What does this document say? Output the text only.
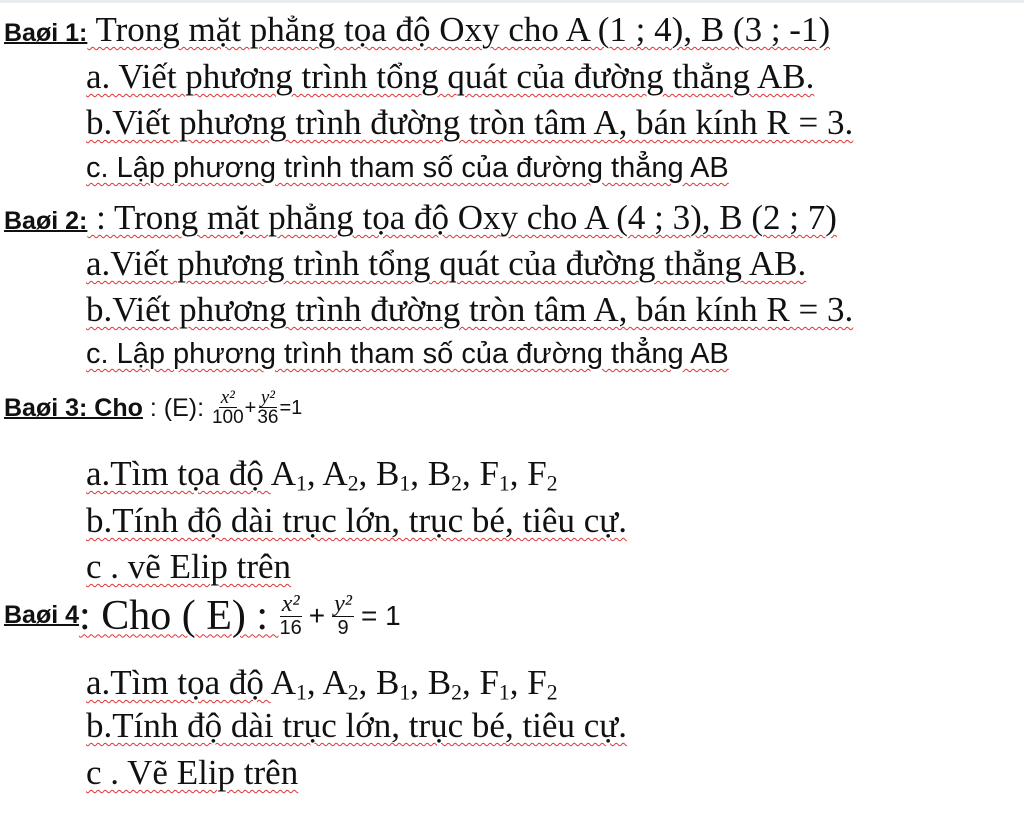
Baøi 1: Trong mặt phẳng tọa độ Oxy cho A (1 ; 4), B (3 ; -1)
a. Viết phương trình tổng quát của đường thẳng AB.
b.Viết phương trình đường tròn tâm A, bán kính R = 3.
c. Lập phương trình tham số của đường thẳng AB
Baøi 2: : Trong mặt phẳng tọa độ Oxy cho A (4 ; 3), B (2 ; 7)
a.Viết phương trình tổng quát của đường thẳng AB.
b.Viết phương trình đường tròn tâm A, bán kính R = 3.
c. Lập phương trình tham số của đường thẳng AB
Baøi 3: Cho : (E): $\frac{\text{x²}}{100} + \frac{\text{y²}}{36} =1$
a.Tìm tọa độ $A_1$, $A_2$, $B_1$, $B_2$, $F_1$, $F_2$
b.Tính độ dài trục lớn, trục bé, tiêu cự.
c . vẽ Elip trên
Baøi 4 : Cho ( E) : $\frac{\text{x²}}{16} + \frac{\text{y²}}{9} = 1$
a.Tìm tọa độ $A_1$, $A_2$, $B_1$, $B_2$, $F_1$, $F_2$
b.Tính độ dài trục lớn, trục bé, tiêu cự.
c . Vẽ Elip trên
